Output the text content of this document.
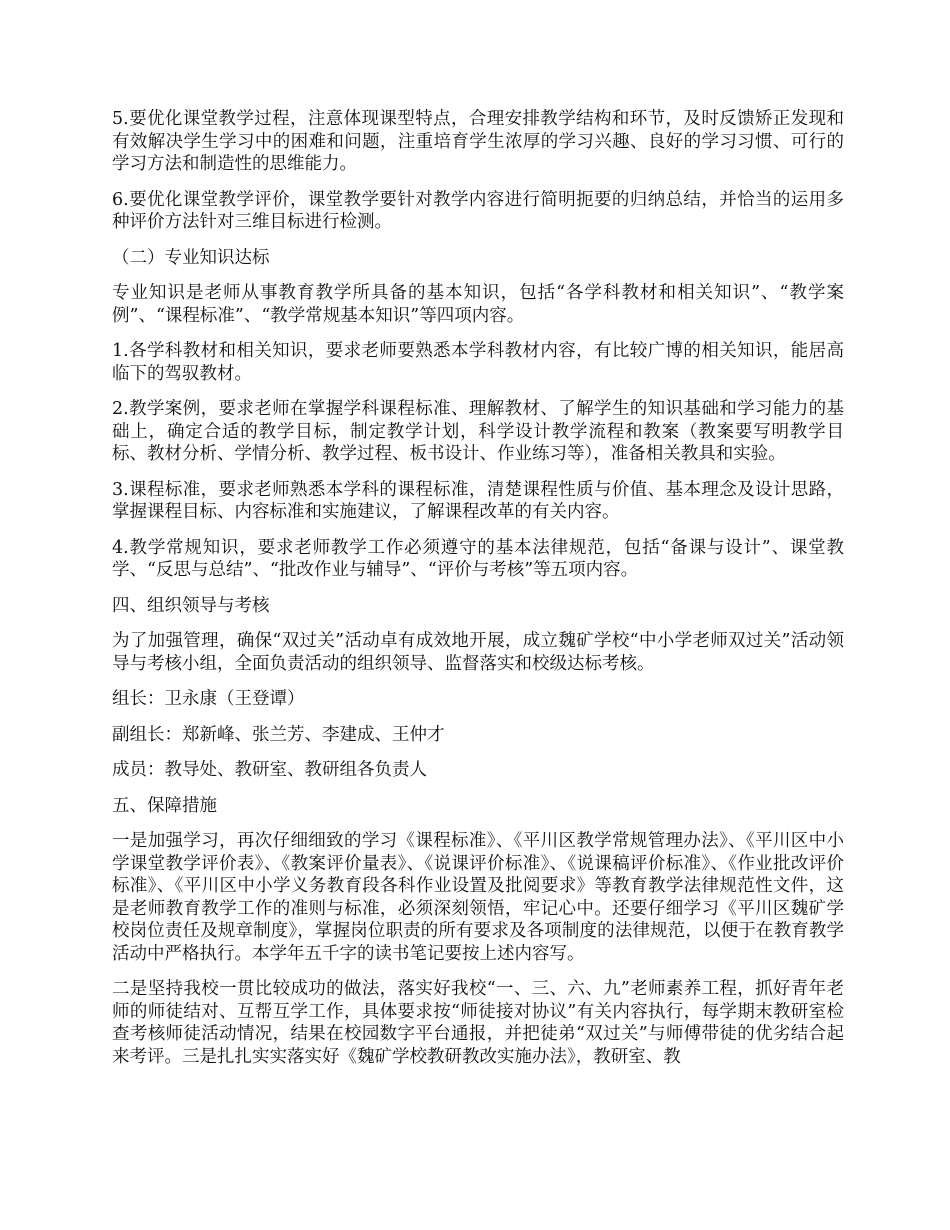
5.要优化课堂教学过程，注意体现课型特点，合理安排教学结构和环节，及时反馈矫正发现和有效解决学生学习中的困难和问题，注重培育学生浓厚的学习兴趣、良好的学习习惯、可行的学习方法和制造性的思维能力。

6.要优化课堂教学评价，课堂教学要针对教学内容进行简明扼要的归纳总结，并恰当的运用多种评价方法针对三维目标进行检测。

（二）专业知识达标

专业知识是老师从事教育教学所具备的基本知识，包括“各学科教材和相关知识”、“教学案例”、“课程标准”、“教学常规基本知识”等四项内容。

1.各学科教材和相关知识，要求老师要熟悉本学科教材内容，有比较广博的相关知识，能居高临下的驾驭教材。

2.教学案例，要求老师在掌握学科课程标准、理解教材、了解学生的知识基础和学习能力的基础上，确定合适的教学目标，制定教学计划，科学设计教学流程和教案（教案要写明教学目标、教材分析、学情分析、教学过程、板书设计、作业练习等），准备相关教具和实验。

3.课程标准，要求老师熟悉本学科的课程标准，清楚课程性质与价值、基本理念及设计思路，掌握课程目标、内容标准和实施建议，了解课程改革的有关内容。

4.教学常规知识，要求老师教学工作必须遵守的基本法律规范，包括“备课与设计”、课堂教学、“反思与总结”、“批改作业与辅导”、“评价与考核”等五项内容。

四、组织领导与考核

为了加强管理，确保“双过关”活动卓有成效地开展，成立魏矿学校“中小学老师双过关”活动领导与考核小组，全面负责活动的组织领导、监督落实和校级达标考核。

组长：卫永康（王登谭）

副组长：郑新峰、张兰芳、李建成、王仲才

成员：教导处、教研室、教研组各负责人

五、保障措施

一是加强学习，再次仔细细致的学习《课程标准》、《平川区教学常规管理办法》、《平川区中小学课堂教学评价表》、《教案评价量表》、《说课评价标准》、《说课稿评价标准》、《作业批改评价标准》、《平川区中小学义务教育段各科作业设置及批阅要求》等教育教学法律规范性文件，这是老师教育教学工作的准则与标准，必须深刻领悟，牢记心中。还要仔细学习《平川区魏矿学校岗位责任及规章制度》，掌握岗位职责的所有要求及各项制度的法律规范，以便于在教育教学活动中严格执行。本学年五千字的读书笔记要按上述内容写。

二是坚持我校一贯比较成功的做法，落实好我校“一、三、六、九”老师素养工程，抓好青年老师的师徒结对、互帮互学工作，具体要求按“师徒接对协议”有关内容执行，每学期末教研室检查考核师徒活动情况，结果在校园数字平台通报，并把徒弟“双过关”与师傅带徒的优劣结合起来考评。三是扎扎实实落实好《魏矿学校教研教改实施办法》，教研室、教
